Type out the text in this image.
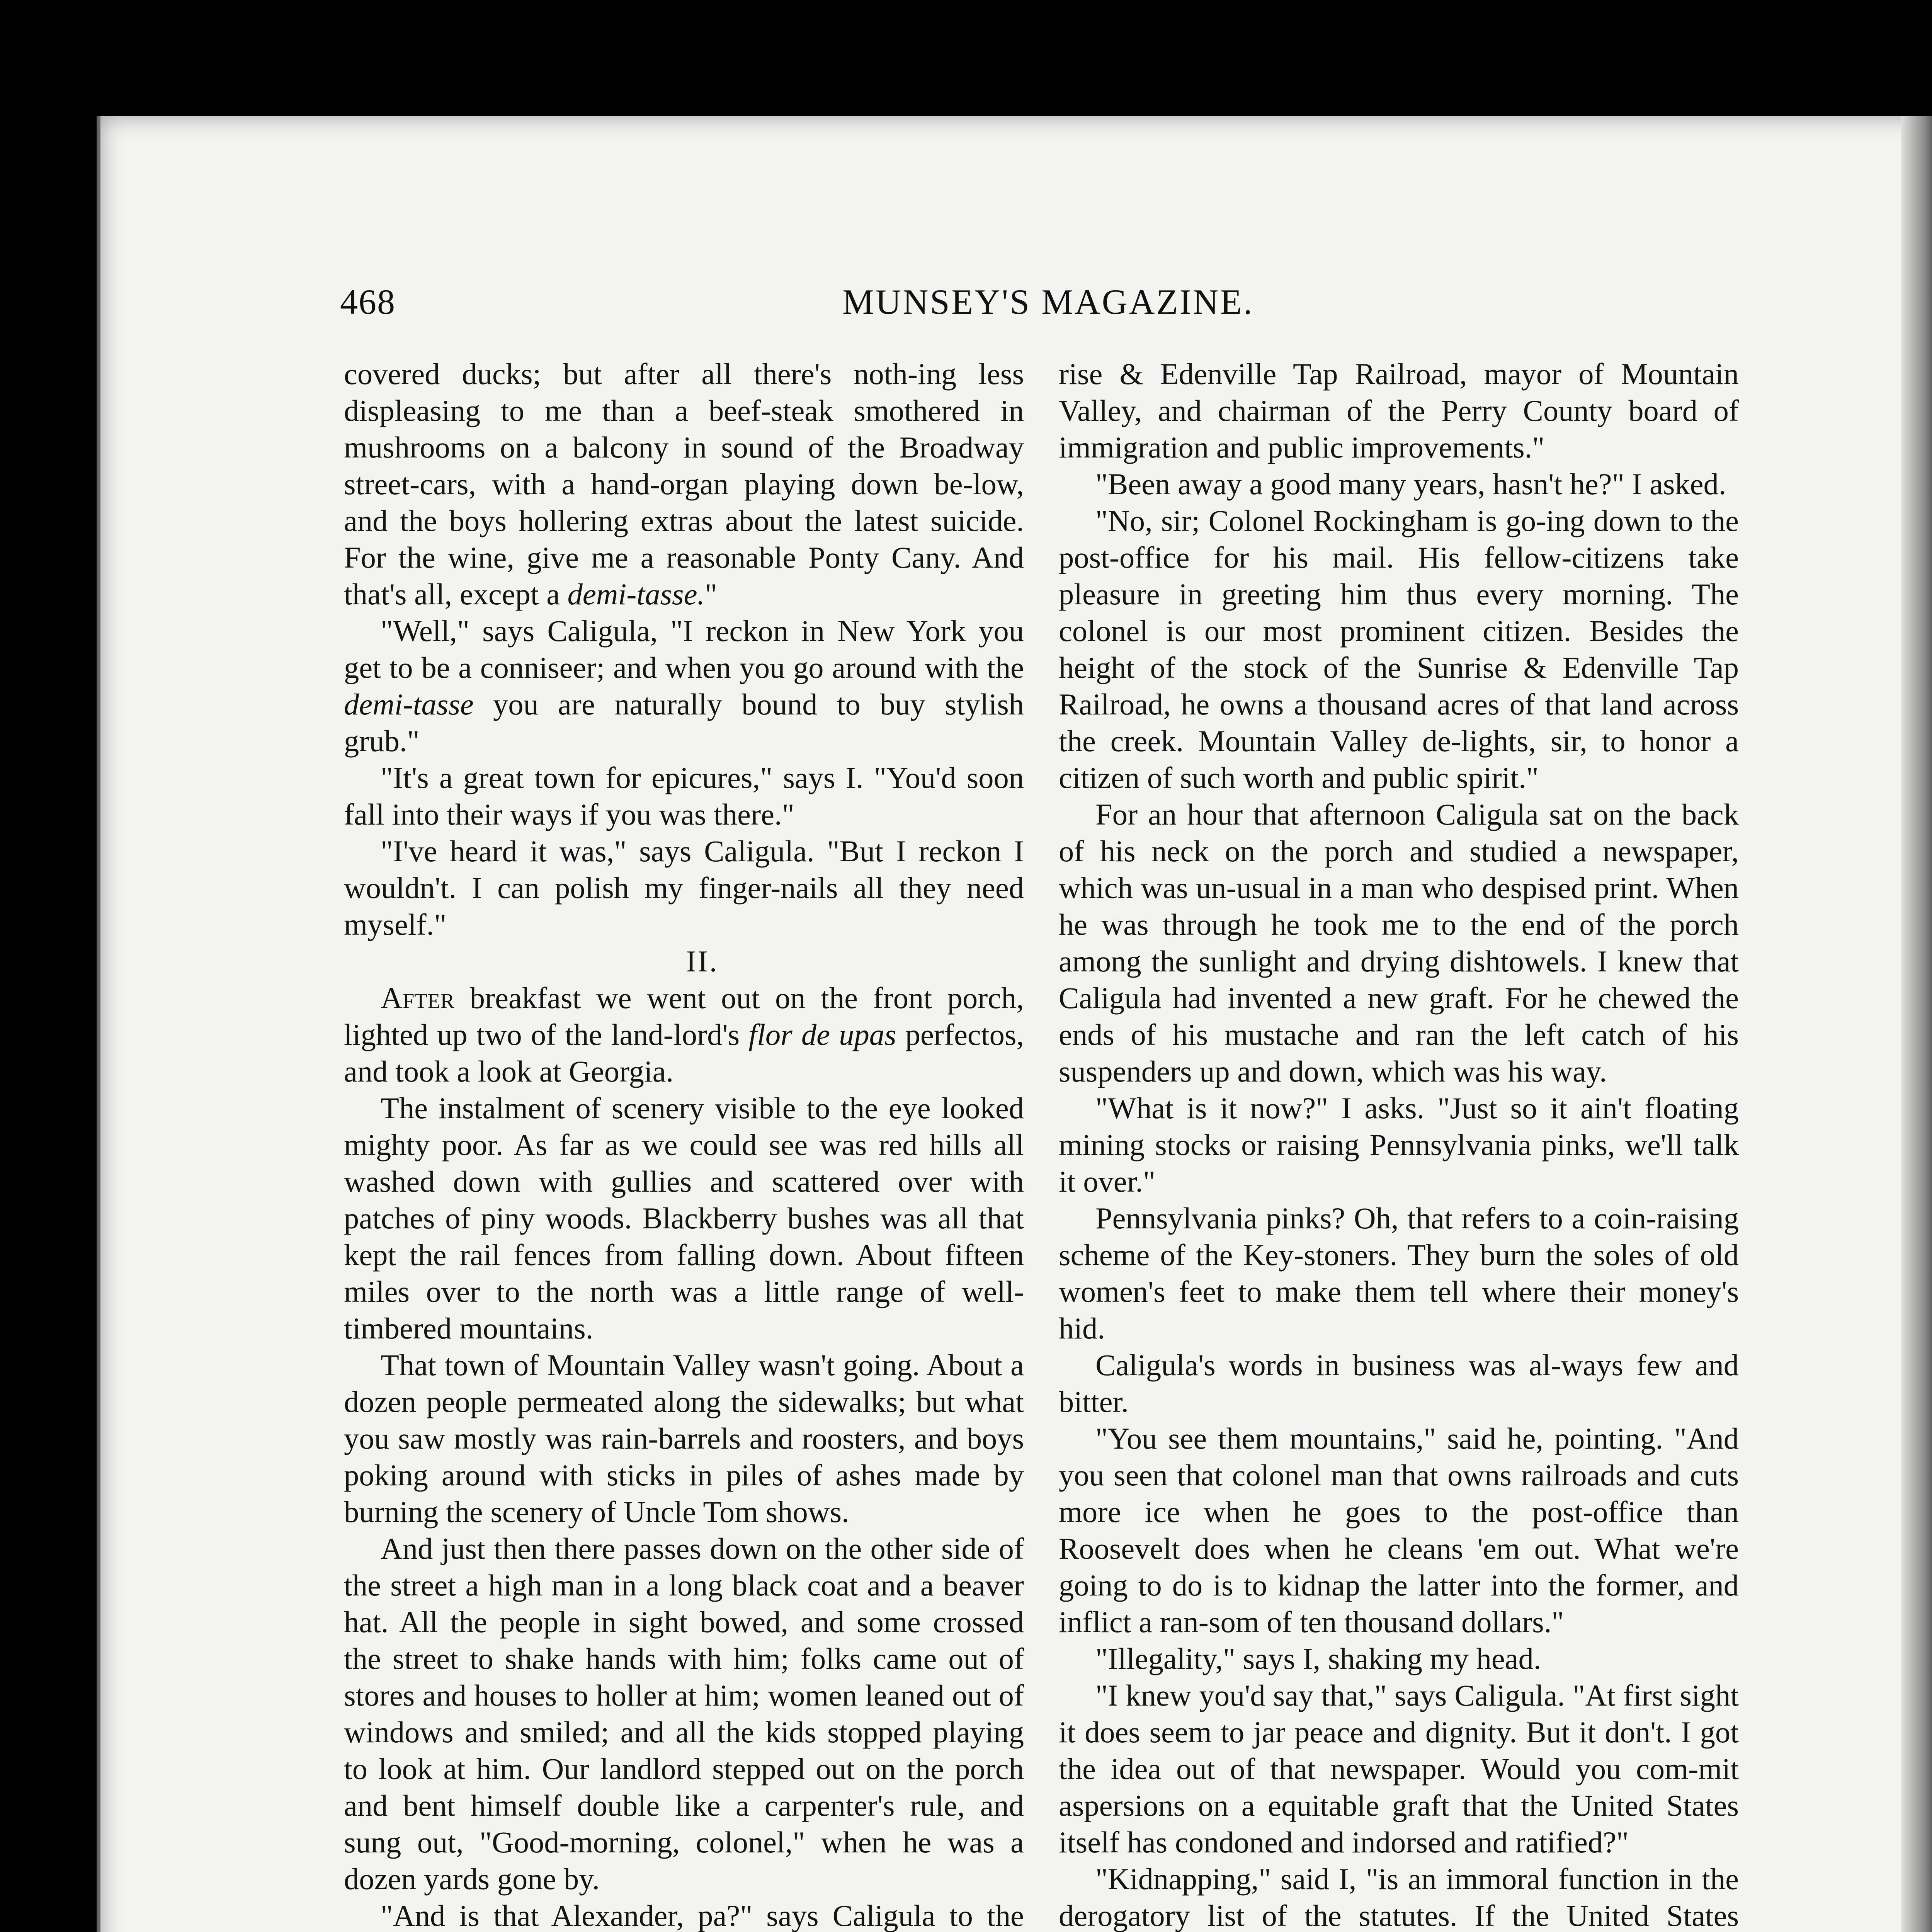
468	MUNSEY'S MAGAZINE.

covered ducks; but after all there's noth-ing less displeasing to me than a beef-steak smothered in mushrooms on a balcony in sound of the Broadway street-cars, with a hand-organ playing down be-low, and the boys hollering extras about the latest suicide. For the wine, give me a reasonable Ponty Cany. And that's all, except a demi-tasse."

"Well," says Caligula, "I reckon in New York you get to be a conniseer; and when you go around with the demi-tasse you are naturally bound to buy stylish grub."

"It's a great town for epicures," says I. "You'd soon fall into their ways if you was there."

"I've heard it was," says Caligula. "But I reckon I wouldn't. I can polish my finger-nails all they need myself."

II.

After breakfast we went out on the front porch, lighted up two of the land-lord's flor de upas perfectos, and took a look at Georgia.

The instalment of scenery visible to the eye looked mighty poor. As far as we could see was red hills all washed down with gullies and scattered over with patches of piny woods. Blackberry bushes was all that kept the rail fences from falling down. About fifteen miles over to the north was a little range of well-timbered mountains.

That town of Mountain Valley wasn't going. About a dozen people permeated along the sidewalks; but what you saw mostly was rain-barrels and roosters, and boys poking around with sticks in piles of ashes made by burning the scenery of Uncle Tom shows.

And just then there passes down on the other side of the street a high man in a long black coat and a beaver hat. All the people in sight bowed, and some crossed the street to shake hands with him; folks came out of stores and houses to holler at him; women leaned out of windows and smiled; and all the kids stopped playing to look at him. Our landlord stepped out on the porch and bent himself double like a carpenter's rule, and sung out, "Good-morning, colonel," when he was a dozen yards gone by.

"And is that Alexander, pa?" says Caligula to the

rise & Edenville Tap Railroad, mayor of Mountain Valley, and chairman of the Perry County board of immigration and public improvements."

"Been away a good many years, hasn't he?" I asked.

"No, sir; Colonel Rockingham is go-ing down to the post-office for his mail. His fellow-citizens take pleasure in greeting him thus every morning. The colonel is our most prominent citizen. Besides the height of the stock of the Sunrise & Edenville Tap Railroad, he owns a thousand acres of that land across the creek. Mountain Valley de-lights, sir, to honor a citizen of such worth and public spirit."

For an hour that afternoon Caligula sat on the back of his neck on the porch and studied a newspaper, which was un-usual in a man who despised print. When he was through he took me to the end of the porch among the sunlight and drying dishtowels. I knew that Caligula had invented a new graft. For he chewed the ends of his mustache and ran the left catch of his suspenders up and down, which was his way.

"What is it now?" I asks. "Just so it ain't floating mining stocks or raising Pennsylvania pinks, we'll talk it over."

Pennsylvania pinks? Oh, that refers to a coin-raising scheme of the Key-stoners. They burn the soles of old women's feet to make them tell where their money's hid.

Caligula's words in business was al-ways few and bitter.

"You see them mountains," said he, pointing. "And you seen that colonel man that owns railroads and cuts more ice when he goes to the post-office than Roosevelt does when he cleans 'em out. What we're going to do is to kidnap the latter into the former, and inflict a ran-som of ten thousand dollars."

"Illegality," says I, shaking my head.

"I knew you'd say that," says Caligula. "At first sight it does seem to jar peace and dignity. But it don't. I got the idea out of that newspaper. Would you com-mit aspersions on a equitable graft that the United States itself has condoned and indorsed and ratified?"

"Kidnapping," said I, "is an immoral function in the derogatory list of the statutes. If the United States
